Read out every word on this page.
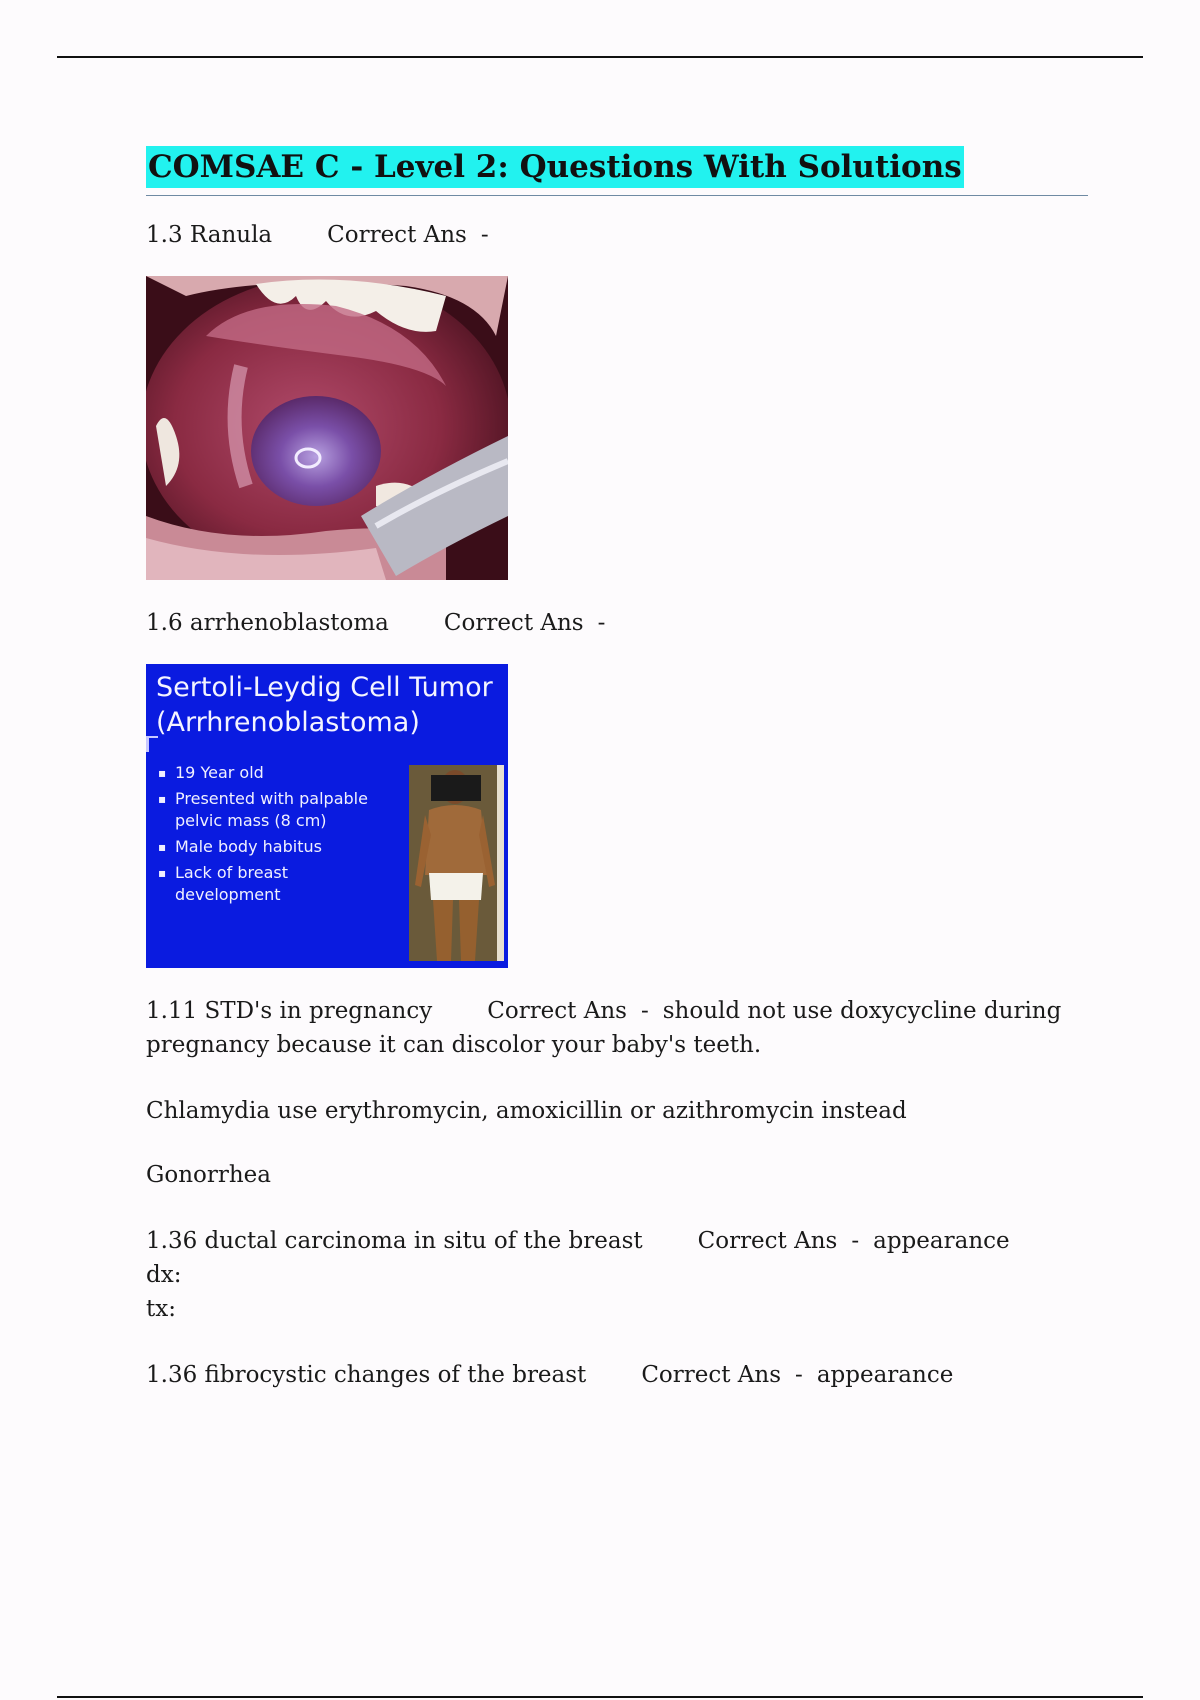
COMSAE C - Level 2: Questions With Solutions
1.3 Ranula Correct Ans -
1.6 arrhenoblastoma Correct Ans -
Sertoli-Leydig Cell Tumor
(Arrhrenoblastoma)
▪ 19 Year old
▪ Presented with palpable pelvic mass (8 cm)
▪ Male body habitus
▪ Lack of breast development
1.11 STD's in pregnancy Correct Ans - should not use doxycycline during pregnancy because it can discolor your baby's teeth.
Chlamydia use erythromycin, amoxicillin or azithromycin instead
Gonorrhea
1.36 ductal carcinoma in situ of the breast Correct Ans - appearance
dx:
tx:
1.36 fibrocystic changes of the breast Correct Ans - appearance
